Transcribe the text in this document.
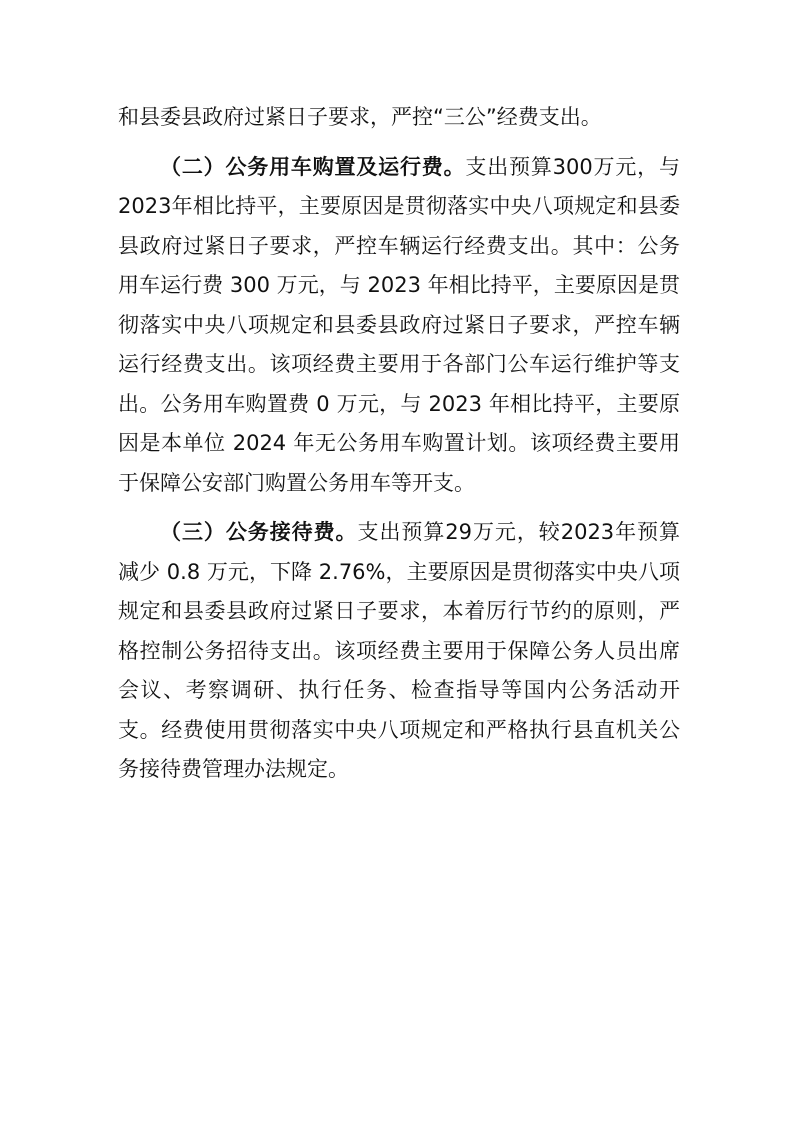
和县委县政府过紧日子要求，严控“三公”经费支出。

（二）公务用车购置及运行费。支出预算300万元，与2023年相比持平，主要原因是贯彻落实中央八项规定和县委县政府过紧日子要求，严控车辆运行经费支出。其中：公务用车运行费 300 万元，与 2023 年相比持平，主要原因是贯彻落实中央八项规定和县委县政府过紧日子要求，严控车辆运行经费支出。该项经费主要用于各部门公车运行维护等支出。公务用车购置费 0 万元，与 2023 年相比持平，主要原因是本单位 2024 年无公务用车购置计划。该项经费主要用于保障公安部门购置公务用车等开支。

（三）公务接待费。支出预算29万元，较2023年预算减少 0.8 万元，下降 2.76%，主要原因是贯彻落实中央八项规定和县委县政府过紧日子要求，本着厉行节约的原则，严格控制公务招待支出。该项经费主要用于保障公务人员出席会议、考察调研、执行任务、检查指导等国内公务活动开支。经费使用贯彻落实中央八项规定和严格执行县直机关公务接待费管理办法规定。
